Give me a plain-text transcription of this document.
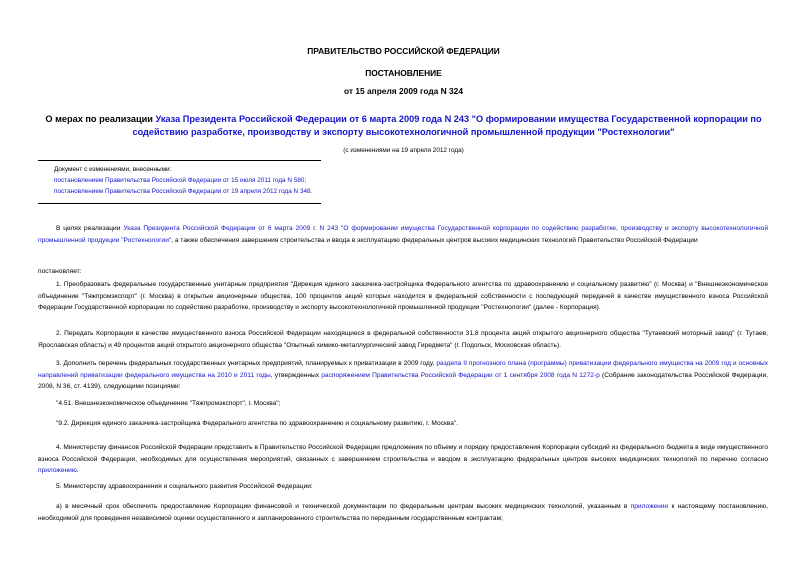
ПРАВИТЕЛЬСТВО РОССИЙСКОЙ ФЕДЕРАЦИИ
ПОСТАНОВЛЕНИЕ
от 15 апреля 2009 года N 324
О мерах по реализации Указа Президента Российской Федерации от 6 марта 2009 года N 243 "О формировании имущества Государственной корпорации по содействию разработке, производству и экспорту высокотехнологичной промышленной продукции "Ростехнологии"
(с изменениями на 19 апреля 2012 года)
Документ с изменениями, внесенными:
постановлением Правительства Российской Федерации от 15 июля 2011 года N 580;
постановлением Правительства Российской Федерации от 19 апреля 2012 года N 348.
В целях реализации Указа Президента Российской Федерации от 6 марта 2009 г. N 243 "О формировании имущества Государственной корпорации по содействию разработке, производству и экспорту высокотехнологичной промышленной продукции "Ростехнологии", а также обеспечения завершения строительства и ввода в эксплуатацию федеральных центров высоких медицинских технологий Правительство Российской Федерации
постановляет:
1. Преобразовать федеральные государственные унитарные предприятия "Дирекция единого заказчика-застройщика Федерального агентства по здравоохранению и социальному развитию" (г. Москва) и "Внешнеэкономическое объединение "Тяжпромэкспорт" (г. Москва) в открытые акционерные общества, 100 процентов акций которых находится в федеральной собственности с последующей передачей в качестве имущественного взноса Российской Федерации Государственной корпорации по содействию разработке, производству и экспорту высокотехнологичной промышленной продукции "Ростехнологии" (далее - Корпорация).
2. Передать Корпорации в качестве имущественного взноса Российской Федерации находящиеся в федеральной собственности 31,8 процента акций открытого акционерного общества "Тутаевский моторный завод" (г. Тутаев, Ярославская область) и 49 процентов акций открытого акционерного общества "Опытный химико-металлургический завод Гиредмета" (г. Подольск, Московская область).
3. Дополнить перечень федеральных государственных унитарных предприятий, планируемых к приватизации в 2009 году, раздела II прогнозного плана (программы) приватизации федерального имущества на 2009 год и основных направлений приватизации федерального имущества на 2010 и 2011 годы, утвержденных распоряжением Правительства Российской Федерации от 1 сентября 2008 года N 1272-р (Собрание законодательства Российской Федерации, 2008, N 36, ст. 4139), следующими позициями:
"4.51. Внешнеэкономическое объединение "Тяжпромэкспорт", г. Москва";
"9.2. Дирекция единого заказчика-застройщика Федерального агентства по здравоохранению и социальному развитию, г. Москва".
4. Министерству финансов Российской Федерации представить в Правительство Российской Федерации предложения по объему и порядку предоставления Корпорации субсидий из федерального бюджета в виде имущественного взноса Российской Федерации, необходимых для осуществления мероприятий, связанных с завершением строительства и вводом в эксплуатацию федеральных центров высоких медицинских технологий по перечню согласно приложению.
5. Министерству здравоохранения и социального развития Российской Федерации:
а) в месячный срок обеспечить предоставление Корпорации финансовой и технической документации по федеральным центрам высоких медицинских технологий, указанным в приложении к настоящему постановлению, необходимой для проведения независимой оценки осуществленного и запланированного строительства по переданным государственным контрактам;
